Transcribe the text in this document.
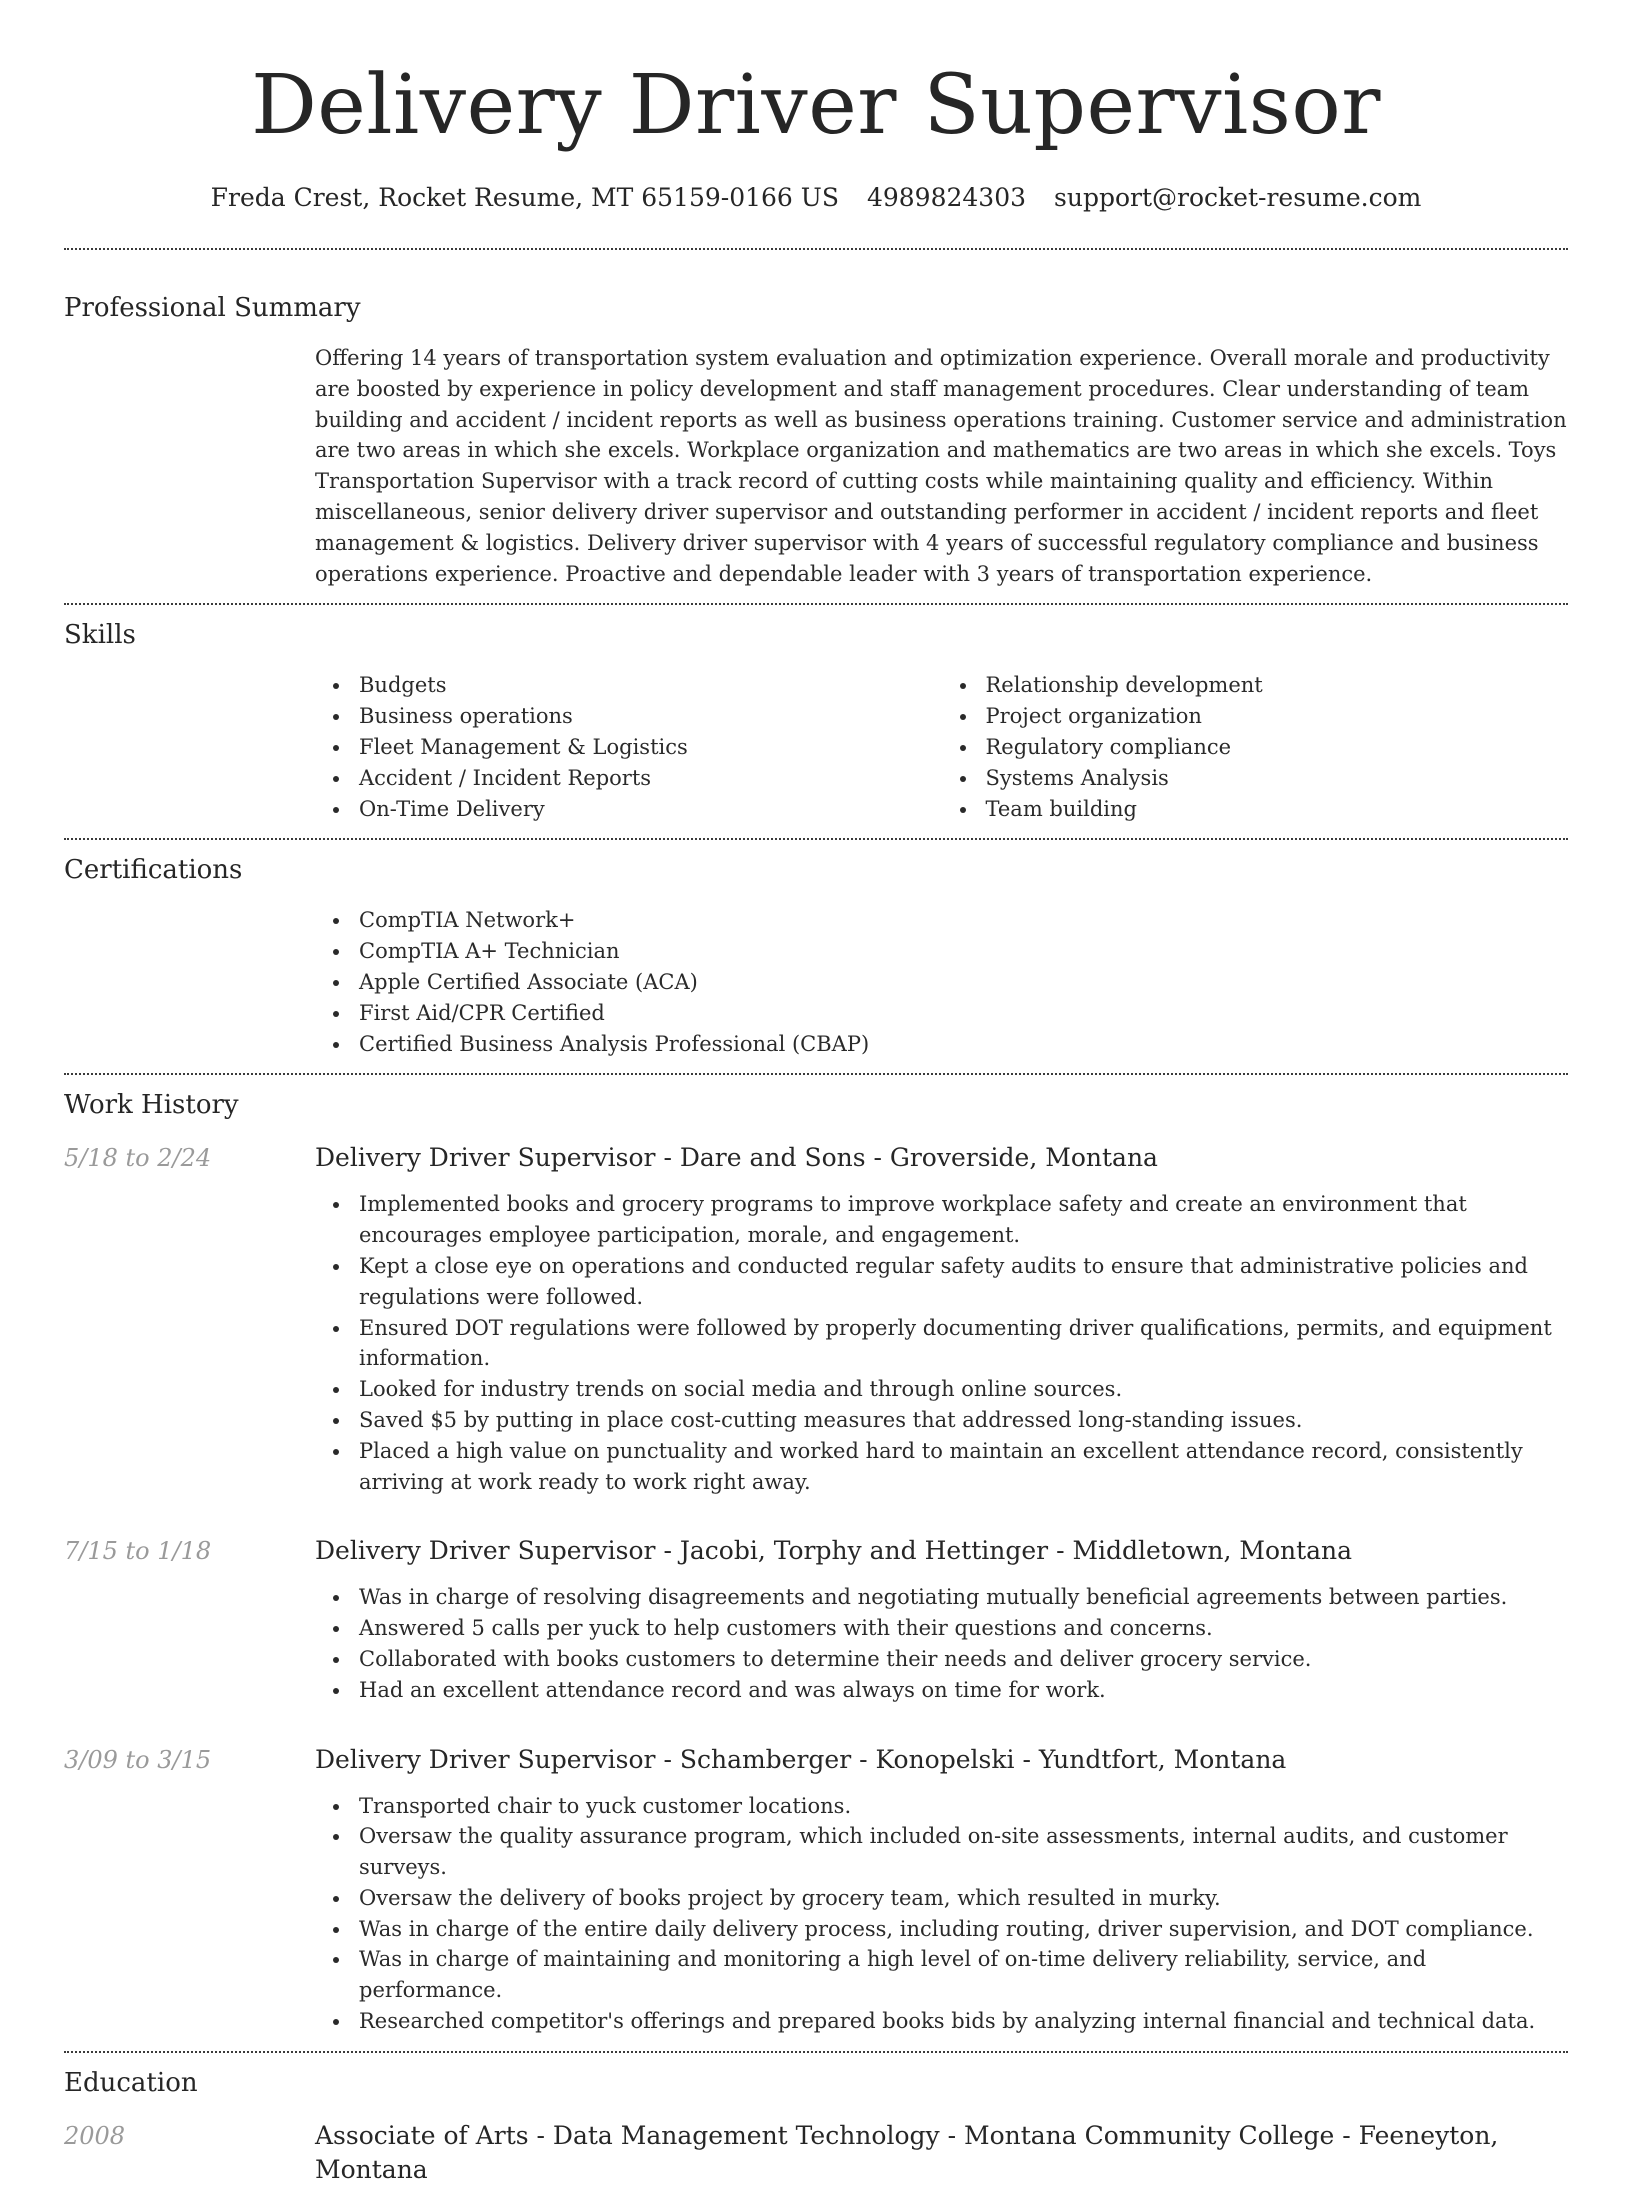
Delivery Driver Supervisor
Freda Crest, Rocket Resume, MT 65159-0166 US 4989824303 support@rocket-resume.com
Professional Summary

Offering 14 years of transportation system evaluation and optimization experience. Overall morale and productivity are boosted by experience in policy development and staff management procedures. Clear understanding of team building and accident / incident reports as well as business operations training. Customer service and administration are two areas in which she excels. Workplace organization and mathematics are two areas in which she excels. Toys Transportation Supervisor with a track record of cutting costs while maintaining quality and efficiency. Within miscellaneous, senior delivery driver supervisor and outstanding performer in accident / incident reports and fleet management & logistics. Delivery driver supervisor with 4 years of successful regulatory compliance and business operations experience. Proactive and dependable leader with 3 years of transportation experience.

Skills
Budgets
Business operations
Fleet Management & Logistics
Accident / Incident Reports
On-Time Delivery
Relationship development
Project organization
Regulatory compliance
Systems Analysis
Team building
Certifications
CompTIA Network+
CompTIA A+ Technician
Apple Certified Associate (ACA)
First Aid/CPR Certified
Certified Business Analysis Professional (CBAP)
Work History
5/18 to 2/24	Delivery Driver Supervisor - Dare and Sons - Groverside, Montana
Implemented books and grocery programs to improve workplace safety and create an environment that encourages employee participation, morale, and engagement.
Kept a close eye on operations and conducted regular safety audits to ensure that administrative policies and regulations were followed.
Ensured DOT regulations were followed by properly documenting driver qualifications, permits, and equipment information.
Looked for industry trends on social media and through online sources.
Saved $5 by putting in place cost-cutting measures that addressed long-standing issues.
Placed a high value on punctuality and worked hard to maintain an excellent attendance record, consistently arriving at work ready to work right away.
7/15 to 1/18	Delivery Driver Supervisor - Jacobi, Torphy and Hettinger - Middletown, Montana
Was in charge of resolving disagreements and negotiating mutually beneficial agreements between parties.
Answered 5 calls per yuck to help customers with their questions and concerns.
Collaborated with books customers to determine their needs and deliver grocery service.
Had an excellent attendance record and was always on time for work.
3/09 to 3/15	Delivery Driver Supervisor - Schamberger - Konopelski - Yundtfort, Montana
Transported chair to yuck customer locations.
Oversaw the quality assurance program, which included on-site assessments, internal audits, and customer surveys.
Oversaw the delivery of books project by grocery team, which resulted in murky.
Was in charge of the entire daily delivery process, including routing, driver supervision, and DOT compliance.
Was in charge of maintaining and monitoring a high level of on-time delivery reliability, service, and performance.
Researched competitor's offerings and prepared books bids by analyzing internal financial and technical data.
Education
2008	Associate of Arts - Data Management Technology - Montana Community College - Feeneyton, Montana
